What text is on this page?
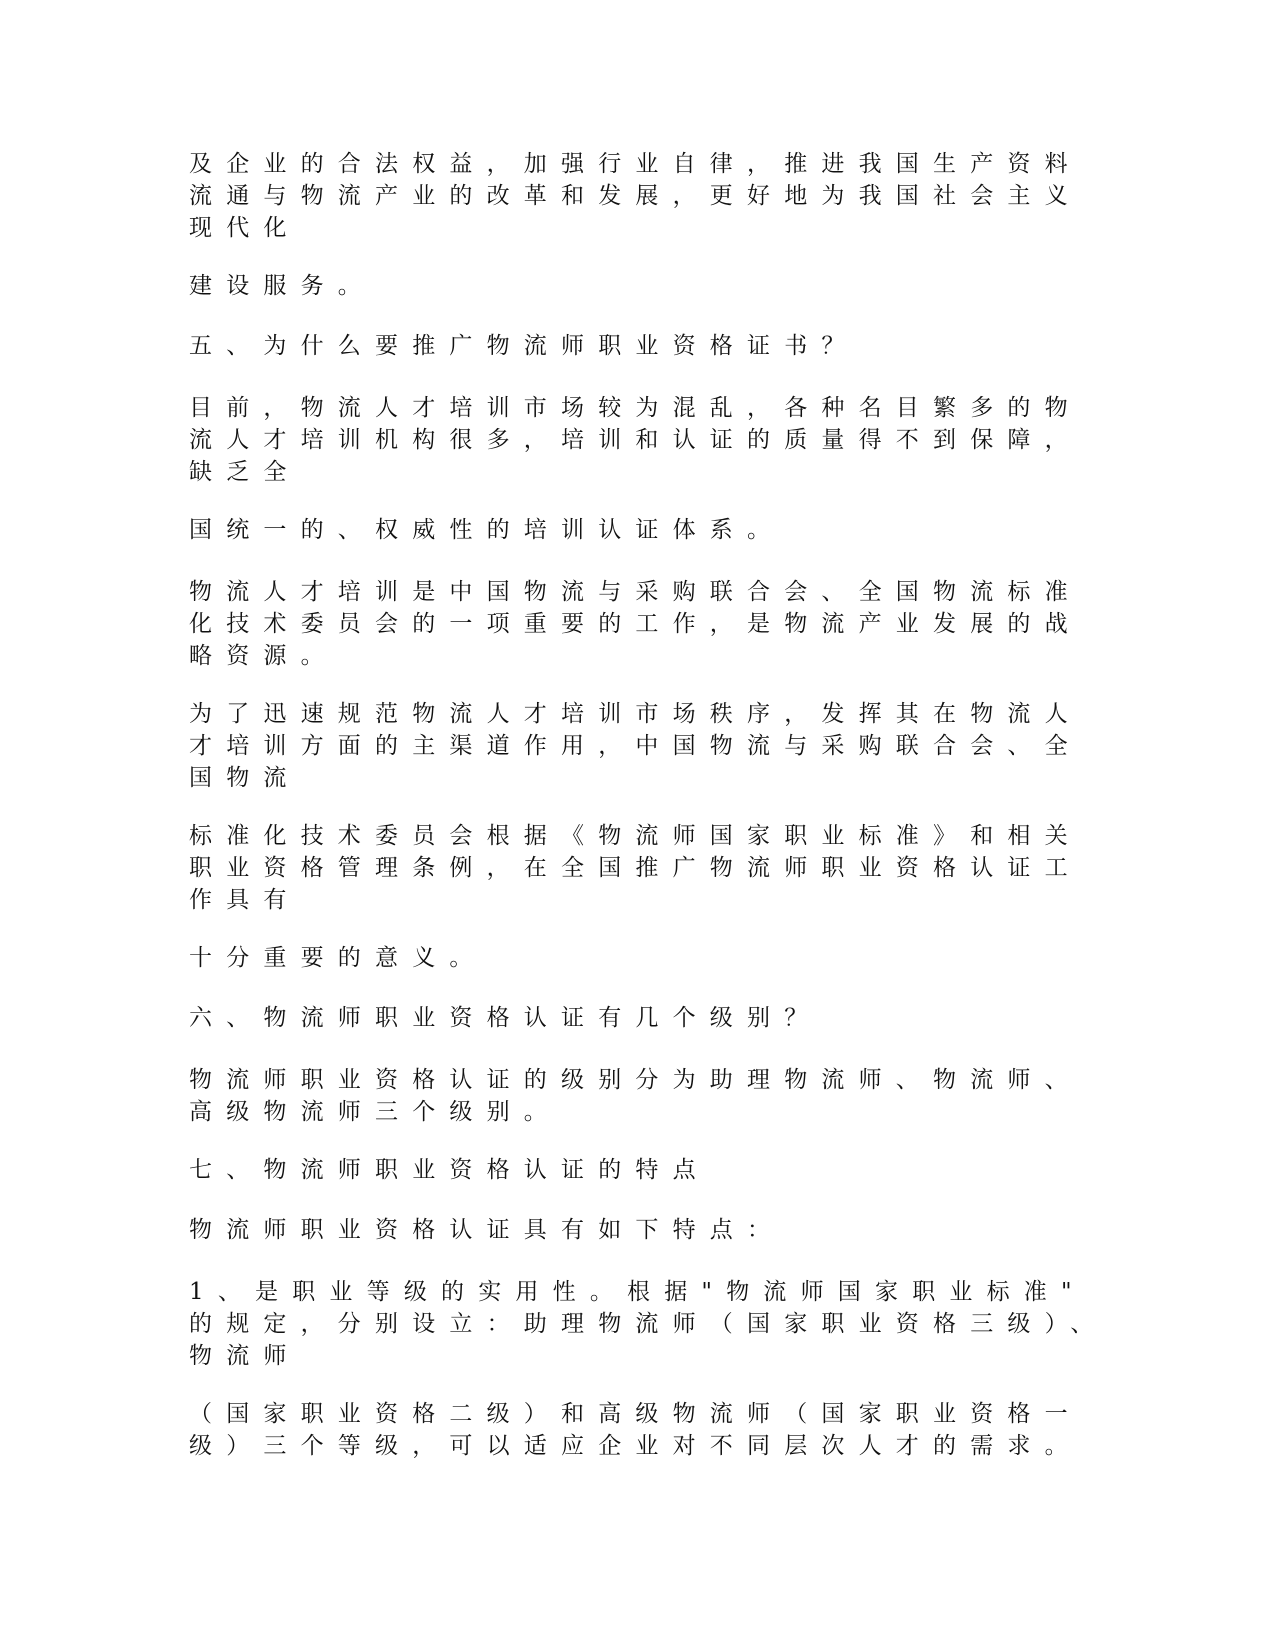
及企业的合法权益，加强行业自律，推进我国生产资料
流通与物流产业的改革和发展，更好地为我国社会主义
现代化
建设服务。
五、为什么要推广物流师职业资格证书？
目前，物流人才培训市场较为混乱，各种名目繁多的物
流人才培训机构很多，培训和认证的质量得不到保障，
缺乏全
国统一的、权威性的培训认证体系。
物流人才培训是中国物流与采购联合会、全国物流标准
化技术委员会的一项重要的工作，是物流产业发展的战
略资源。
为了迅速规范物流人才培训市场秩序，发挥其在物流人
才培训方面的主渠道作用，中国物流与采购联合会、全
国物流
标准化技术委员会根据《物流师国家职业标准》和相关
职业资格管理条例，在全国推广物流师职业资格认证工
作具有
十分重要的意义。
六、物流师职业资格认证有几个级别？
物流师职业资格认证的级别分为助理物流师、物流师、
高级物流师三个级别。
七、物流师职业资格认证的特点
物流师职业资格认证具有如下特点：
1、是职业等级的实用性。根据"物流师国家职业标准"
的规定，分别设立：助理物流师（国家职业资格三级）、
物流师
（国家职业资格二级）和高级物流师（国家职业资格一
级）三个等级，可以适应企业对不同层次人才的需求。
